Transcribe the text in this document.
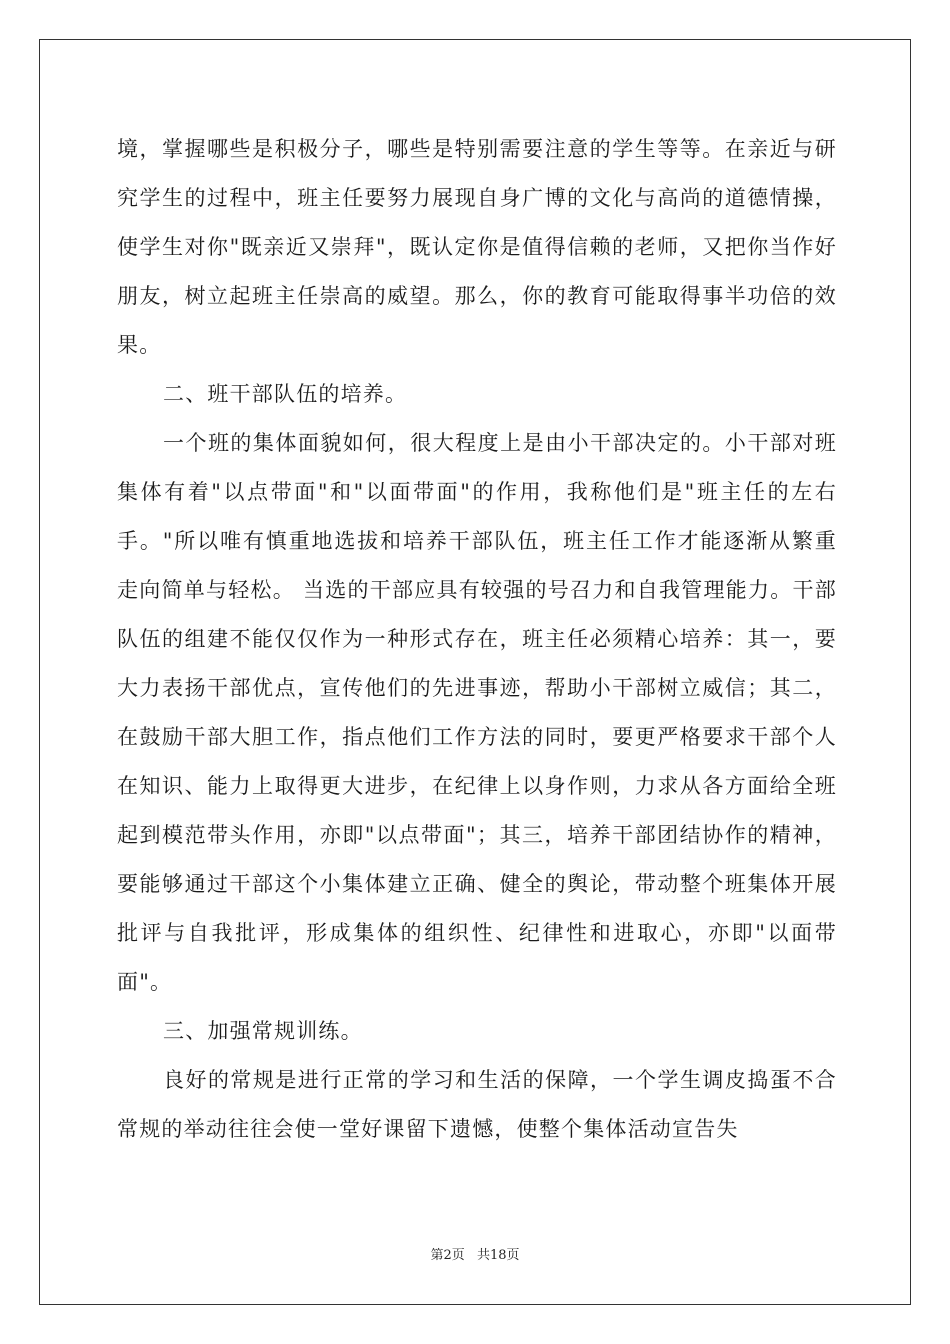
境，掌握哪些是积极分子，哪些是特别需要注意的学生等等。在亲近与研究学生的过程中，班主任要努力展现自身广博的文化与高尚的道德情操，使学生对你"既亲近又崇拜"，既认定你是值得信赖的老师，又把你当作好朋友，树立起班主任崇高的威望。那么，你的教育可能取得事半功倍的效果。

二、班干部队伍的培养。

一个班的集体面貌如何，很大程度上是由小干部决定的。小干部对班集体有着"以点带面"和"以面带面"的作用，我称他们是"班主任的左右手。"所以唯有慎重地选拔和培养干部队伍，班主任工作才能逐渐从繁重走向简单与轻松。 当选的干部应具有较强的号召力和自我管理能力。干部队伍的组建不能仅仅作为一种形式存在，班主任必须精心培养：其一，要大力表扬干部优点，宣传他们的先进事迹，帮助小干部树立威信；其二，在鼓励干部大胆工作，指点他们工作方法的同时，要更严格要求干部个人在知识、能力上取得更大进步，在纪律上以身作则，力求从各方面给全班起到模范带头作用，亦即"以点带面"；其三，培养干部团结协作的精神，要能够通过干部这个小集体建立正确、健全的舆论，带动整个班集体开展批评与自我批评，形成集体的组织性、纪律性和进取心，亦即"以面带面"。

三、加强常规训练。

良好的常规是进行正常的学习和生活的保障，一个学生调皮捣蛋不合常规的举动往往会使一堂好课留下遗憾，使整个集体活动宣告失

第2页 共18页
